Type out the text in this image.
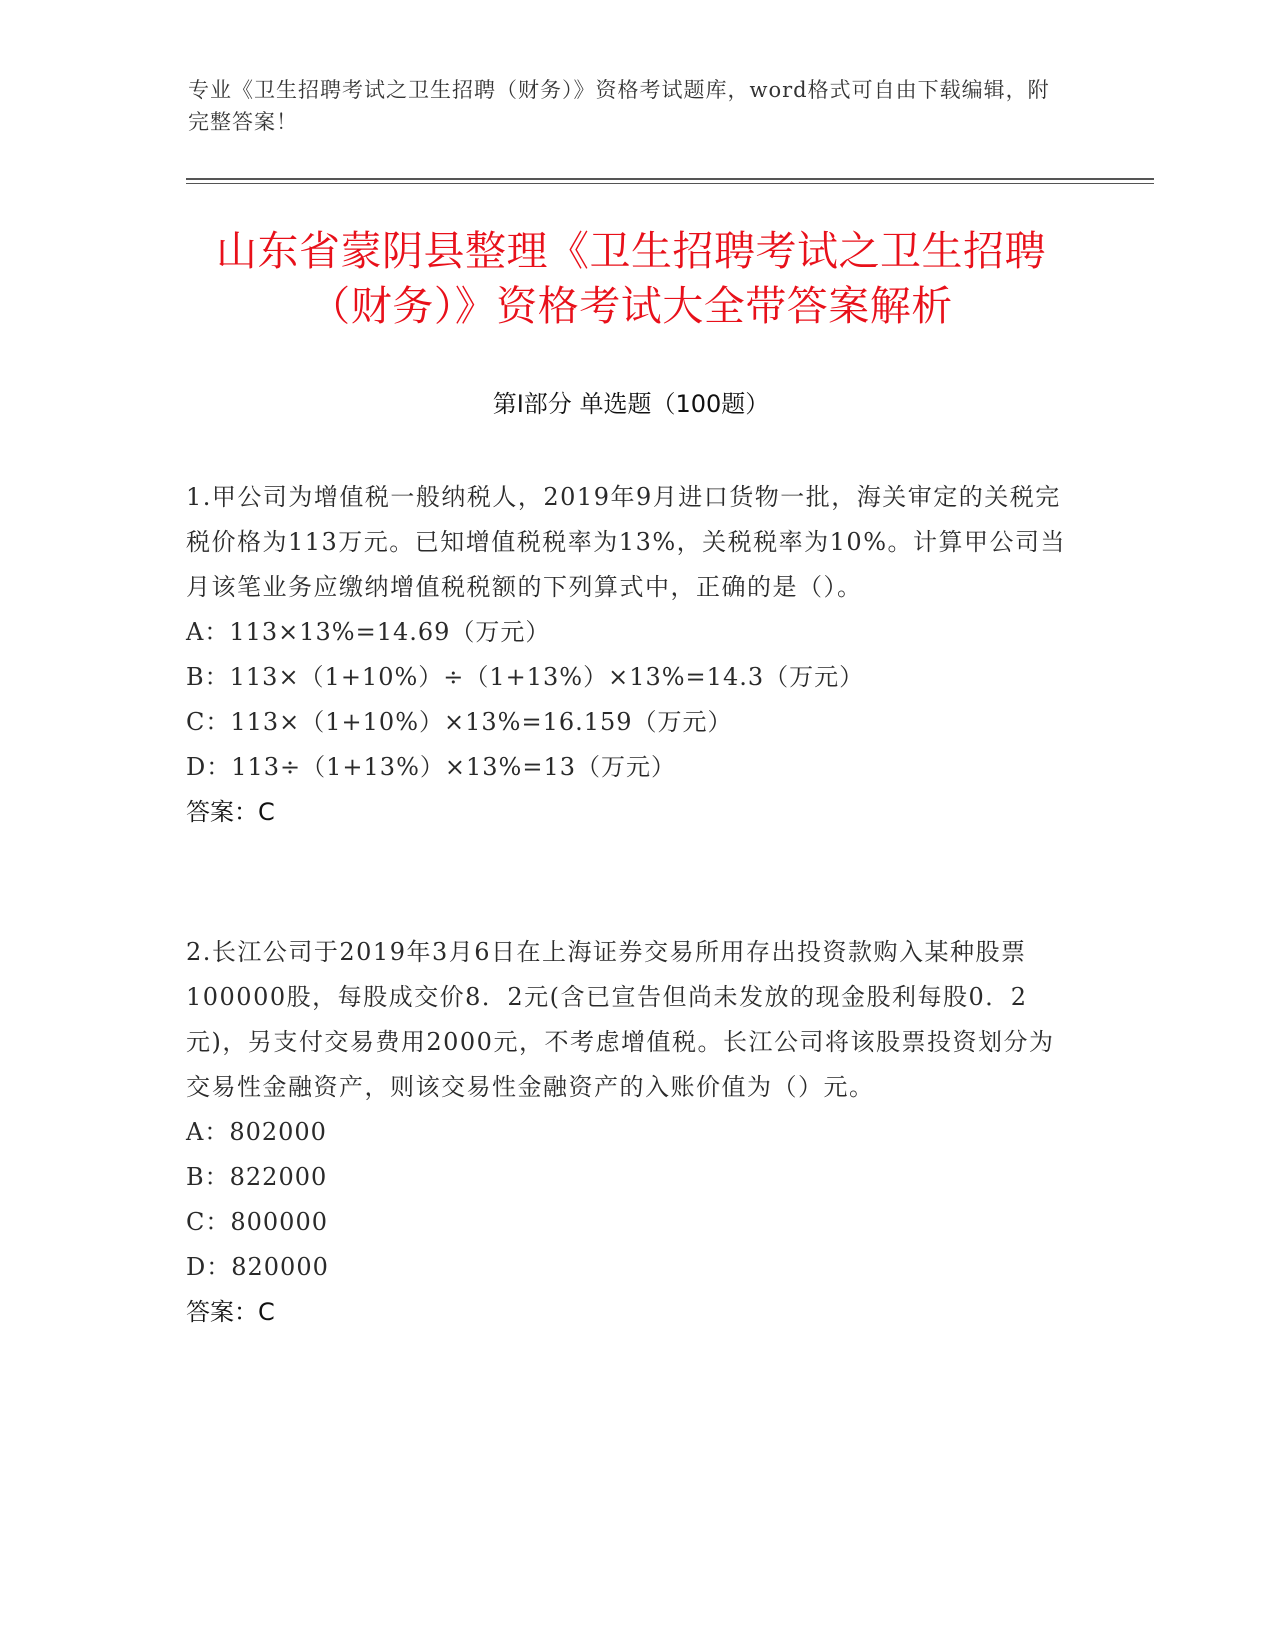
专业《卫生招聘考试之卫生招聘（财务）》资格考试题库，word格式可自由下载编辑，附完整答案！
山东省蒙阴县整理《卫生招聘考试之卫生招聘（财务）》资格考试大全带答案解析
第I部分 单选题（100题）
1.甲公司为增值税一般纳税人，2019年9月进口货物一批，海关审定的关税完税价格为113万元。已知增值税税率为13%，关税税率为10%。计算甲公司当月该笔业务应缴纳增值税税额的下列算式中，正确的是（）。
A：113×13%=14.69（万元）
B：113×（1+10%）÷（1+13%）×13%=14.3（万元）
C：113×（1+10%）×13%=16.159（万元）
D：113÷（1+13%）×13%=13（万元）
答案：C
2.长江公司于2019年3月6日在上海证券交易所用存出投资款购入某种股票100000股，每股成交价8．2元(含已宣告但尚未发放的现金股利每股0．2元)，另支付交易费用2000元，不考虑增值税。长江公司将该股票投资划分为交易性金融资产，则该交易性金融资产的入账价值为（）元。
A：802000
B：822000
C：800000
D：820000
答案：C
